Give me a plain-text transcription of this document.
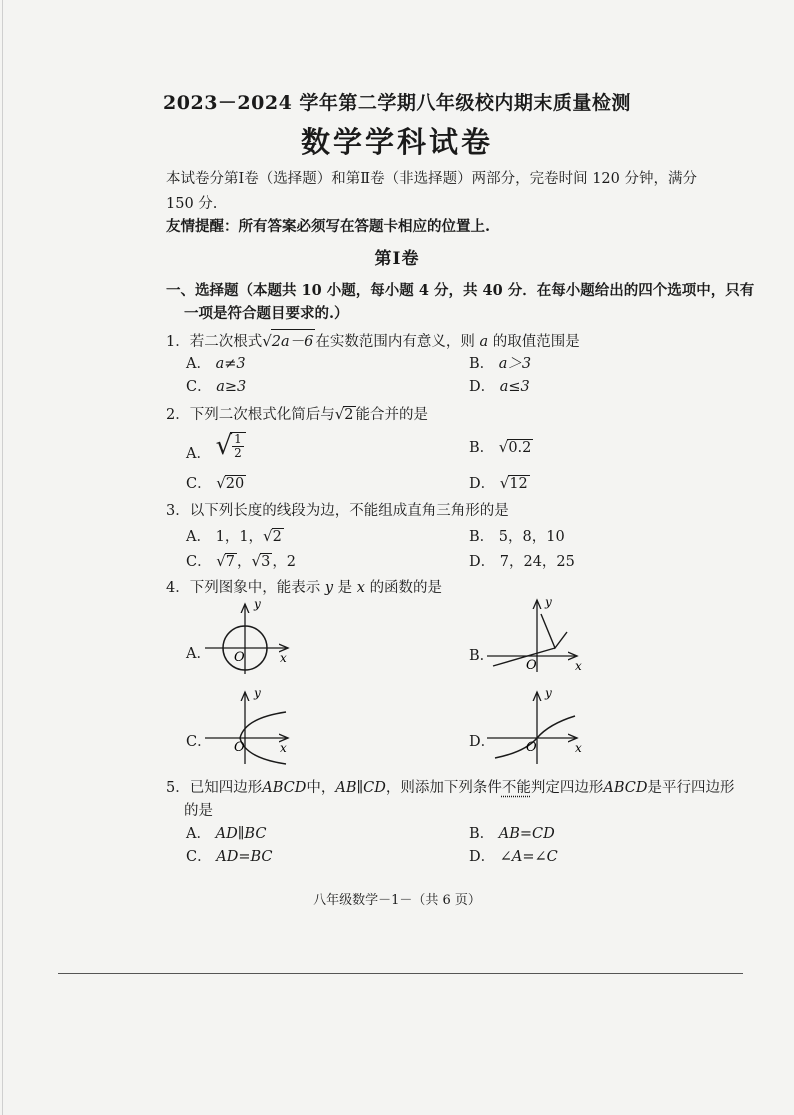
2023－2024 学年第二学期八年级校内期末质量检测
数学学科试卷
本试卷分第Ⅰ卷（选择题）和第Ⅱ卷（非选择题）两部分，完卷时间 120 分钟，满分
150 分.
友情提醒：所有答案必须写在答题卡相应的位置上.
第Ⅰ卷
一、选择题（本题共 10 小题，每小题 4 分，共 40 分．在每小题给出的四个选项中，只有
一项是符合题目要求的.）
1．若二次根式√2a－6 在实数范围内有意义，则 a 的取值范围是
A． a≠3	B． a＞3
C． a≥3	D． a≤3
2．下列二次根式化简后与√2 能合并的是
A． √
$\frac{1}{2}$	B． √0.2
C． √20	D． √12
3．以下列长度的线段为边，不能组成直角三角形的是
A． 1，1，√2	B． 5，8，10
C． √7 ，√3 ，2	D． 7，24，25
4．下列图象中，能表示 y 是 x 的函数的是
A．	B．
C．	D．
y
x
O
y
x
O
y
x
O
y
x
O
5．已知四边形ABCD中，AB∥CD，则添加下列条件不能判定四边形ABCD是平行四边形
的是
A． AD∥BC	B． AB=CD
C． AD=BC	D． ∠A=∠C
八年级数学－1－（共 6 页）
